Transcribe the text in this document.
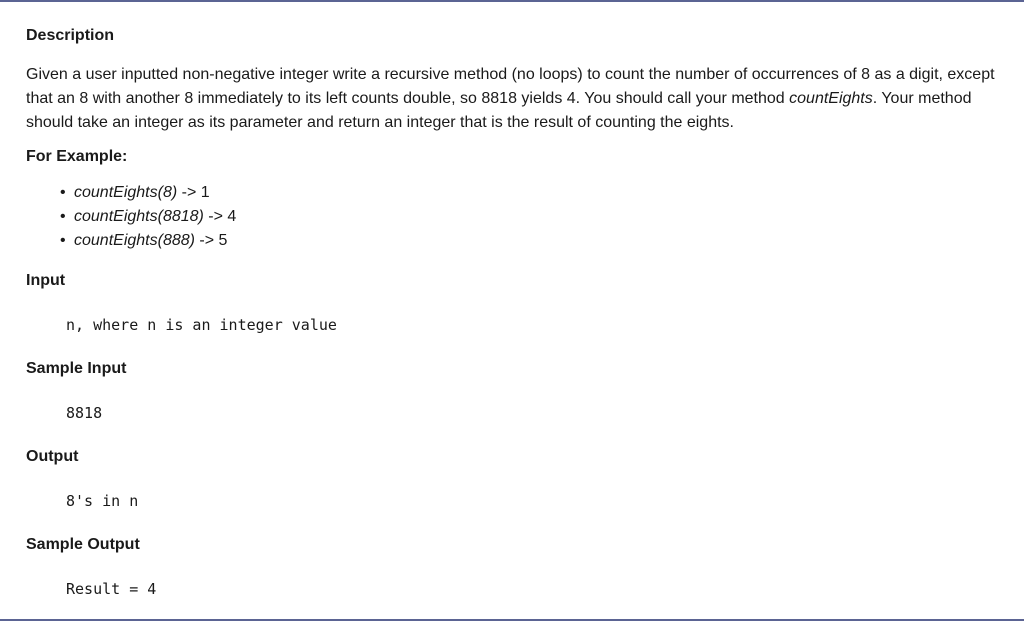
Description

Given a user inputted non-negative integer write a recursive method (no loops) to count the number of occurrences of 8 as a digit, except that an 8 with another 8 immediately to its left counts double, so 8818 yields 4. You should call your method countEights. Your method should take an integer as its parameter and return an integer that is the result of counting the eights.

For Example:
• countEights(8) -> 1
• countEights(8818) -> 4
• countEights(888) -> 5
Input
n, where n is an integer value
Sample Input
8818
Output
8's in n
Sample Output
Result = 4
